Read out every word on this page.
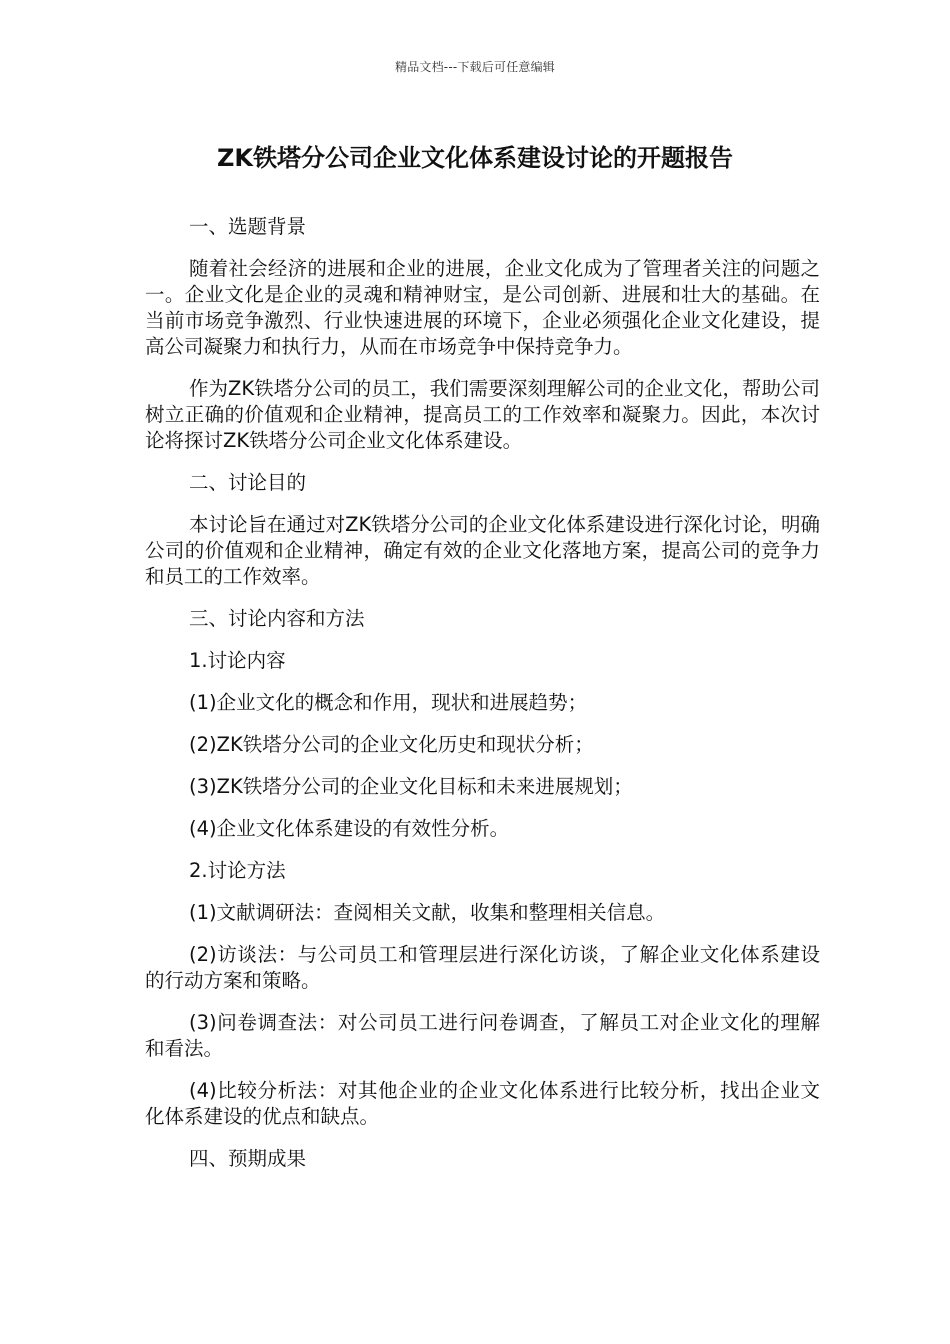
精品文档---下载后可任意编辑
ZK铁塔分公司企业文化体系建设讨论的开题报告

一、选题背景

随着社会经济的进展和企业的进展，企业文化成为了管理者关注的问题之一。企业文化是企业的灵魂和精神财宝，是公司创新、进展和壮大的基础。在当前市场竞争激烈、行业快速进展的环境下，企业必须强化企业文化建设，提高公司凝聚力和执行力，从而在市场竞争中保持竞争力。

作为ZK铁塔分公司的员工，我们需要深刻理解公司的企业文化，帮助公司树立正确的价值观和企业精神，提高员工的工作效率和凝聚力。因此，本次讨论将探讨ZK铁塔分公司企业文化体系建设。

二、讨论目的

本讨论旨在通过对ZK铁塔分公司的企业文化体系建设进行深化讨论，明确公司的价值观和企业精神，确定有效的企业文化落地方案，提高公司的竞争力和员工的工作效率。

三、讨论内容和方法

1.讨论内容

(1)企业文化的概念和作用，现状和进展趋势；

(2)ZK铁塔分公司的企业文化历史和现状分析；

(3)ZK铁塔分公司的企业文化目标和未来进展规划；

(4)企业文化体系建设的有效性分析。

2.讨论方法

(1)文献调研法：查阅相关文献，收集和整理相关信息。

(2)访谈法：与公司员工和管理层进行深化访谈，了解企业文化体系建设的行动方案和策略。

(3)问卷调查法：对公司员工进行问卷调查，了解员工对企业文化的理解和看法。

(4)比较分析法：对其他企业的企业文化体系进行比较分析，找出企业文化体系建设的优点和缺点。

四、预期成果
